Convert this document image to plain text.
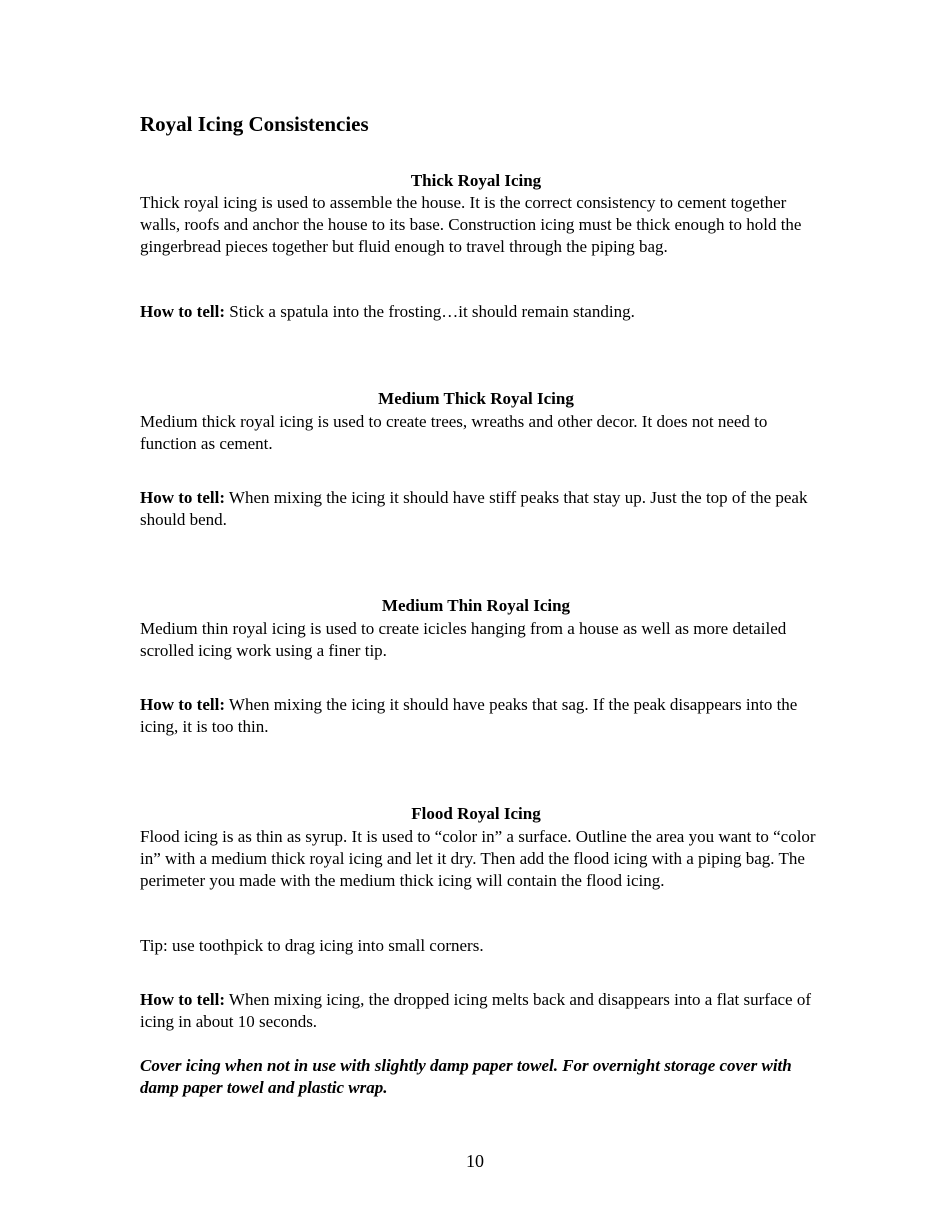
Royal Icing Consistencies
Thick Royal Icing
Thick royal icing is used to assemble the house. It is the correct consistency to cement together walls, roofs and anchor the house to its base. Construction icing must be thick enough to hold the gingerbread pieces together but fluid enough to travel through the piping bag.
How to tell: Stick a spatula into the frosting…it should remain standing.
Medium Thick Royal Icing
Medium thick royal icing is used to create trees, wreaths and other decor. It does not need to function as cement.
How to tell: When mixing the icing it should have stiff peaks that stay up. Just the top of the peak should bend.
Medium Thin Royal Icing
Medium thin royal icing is used to create icicles hanging from a house as well as more detailed scrolled icing work using a finer tip.
How to tell: When mixing the icing it should have peaks that sag. If the peak disappears into the icing, it is too thin.
Flood Royal Icing
Flood icing is as thin as syrup. It is used to “color in” a surface. Outline the area you want to “color in” with a medium thick royal icing and let it dry. Then add the flood icing with a piping bag. The perimeter you made with the medium thick icing will contain the flood icing.
Tip: use toothpick to drag icing into small corners.
How to tell: When mixing icing, the dropped icing melts back and disappears into a flat surface of icing in about 10 seconds.
Cover icing when not in use with slightly damp paper towel. For overnight storage cover with damp paper towel and plastic wrap.
10
